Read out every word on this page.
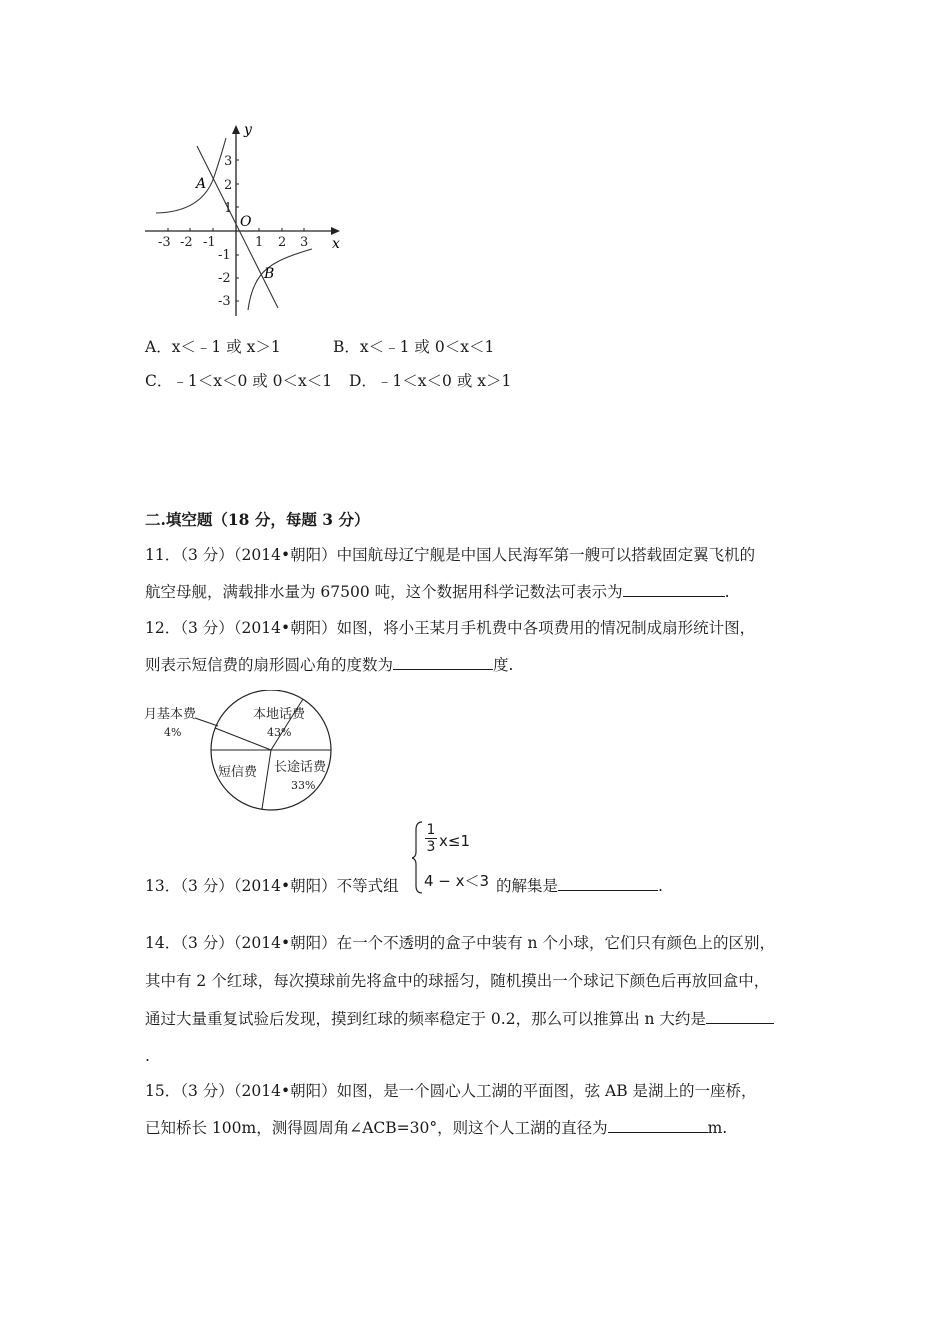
y
x
O
A
B
-3 -2 -1	1 2 3
3
2
1
-1
-2
-3
A．x＜﹣1 或 x＞1	B．x＜﹣1 或 0＜x＜1
C．﹣1＜x＜0 或 0＜x＜1 D．﹣1＜x＜0 或 x＞1
二.填空题（18 分，每题 3 分）
11．（3 分）（2014•朝阳）中国航母辽宁舰是中国人民海军第一艘可以搭载固定翼飞机的
航空母舰，满载排水量为 67500 吨，这个数据用科学记数法可表示为	.
12．（3 分）（2014•朝阳）如图，将小王某月手机费中各项费用的情况制成扇形统计图，
则表示短信费的扇形圆心角的度数为	度.
月基本费
4%
本地话费
43%
短信费 长途话费
33%
1
3 x≤1
4 − x＜3
13．（3 分）（2014•朝阳）不等式组	的解集是	.
14．（3 分）（2014•朝阳）在一个不透明的盒子中装有 n 个小球，它们只有颜色上的区别，
其中有 2 个红球，每次摸球前先将盒中的球摇匀，随机摸出一个球记下颜色后再放回盒中，
通过大量重复试验后发现，摸到红球的频率稳定于 0.2，那么可以推算出 n 大约是
.
15．（3 分）（2014•朝阳）如图，是一个圆心人工湖的平面图，弦 AB 是湖上的一座桥，
已知桥长 100m，测得圆周角∠ACB=30°，则这个人工湖的直径为	m.
